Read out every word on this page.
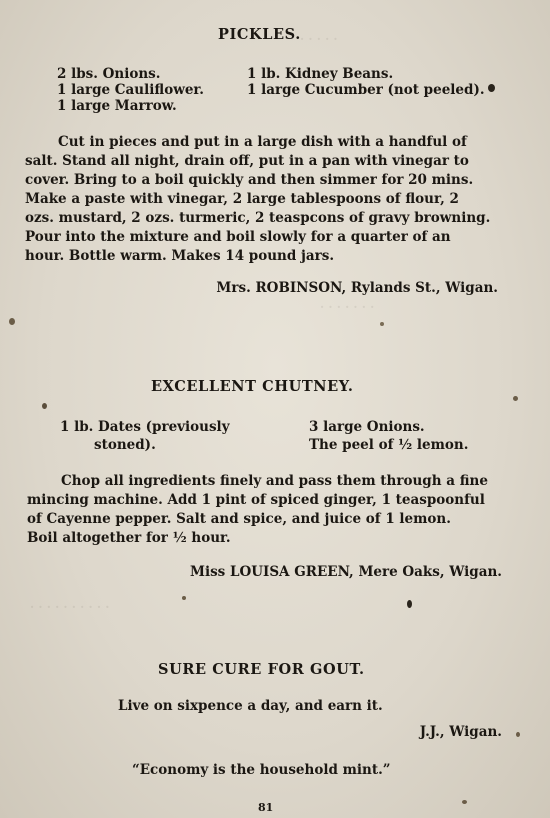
· · · · ·
· · · · · · ·
· · · · · · · · · ·
PICKLES.
2 lbs. Onions.
1 large Cauliflower.
1 large Marrow.
1 lb. Kidney Beans.
1 large Cucumber (not peeled).
Cut in pieces and put in a large dish with a handful of
salt. Stand all night, drain off, put in a pan with vinegar to
cover. Bring to a boil quickly and then simmer for 20 mins.
Make a paste with vinegar, 2 large tablespoons of flour, 2
ozs. mustard, 2 ozs. turmeric, 2 teaspcons of gravy browning.
Pour into the mixture and boil slowly for a quarter of an
hour. Bottle warm. Makes 14 pound jars.
Mrs. ROBINSON, Rylands St., Wigan.
EXCELLENT CHUTNEY.
1 lb. Dates (previously
stoned).
3 large Onions.
The peel of ½ lemon.
Chop all ingredients finely and pass them through a fine
mincing machine. Add 1 pint of spiced ginger, 1 teaspoonful
of Cayenne pepper. Salt and spice, and juice of 1 lemon.
Boil altogether for ½ hour.
Miss LOUISA GREEN, Mere Oaks, Wigan.
SURE CURE FOR GOUT.
Live on sixpence a day, and earn it.
J.J., Wigan.
“Economy is the household mint.”
81
